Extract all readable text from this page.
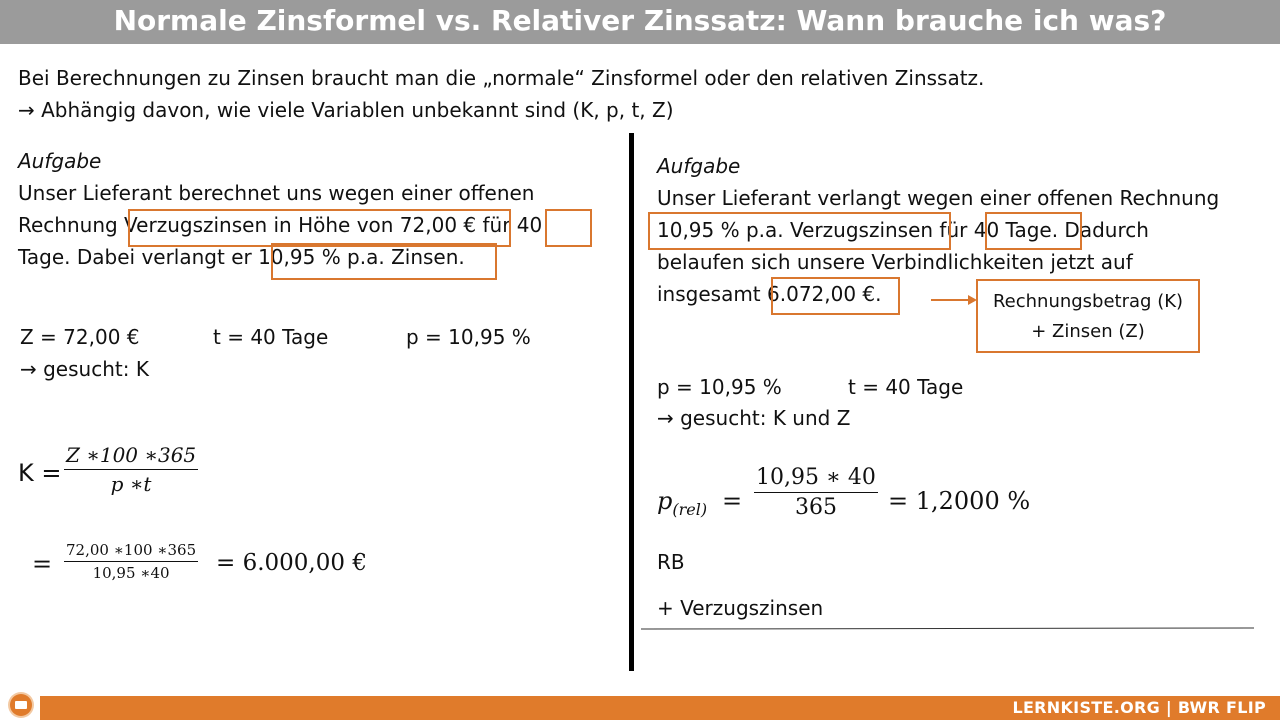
Normale Zinsformel vs. Relativer Zinssatz: Wann brauche ich was?
Bei Berechnungen zu Zinsen braucht man die „normale“ Zinsformel oder den relativen Zinssatz.
→ Abhängig davon, wie viele Variablen unbekannt sind (K, p, t, Z)
Aufgabe
Unser Lieferant berechnet uns wegen einer offenen
Rechnung Verzugszinsen in Höhe von 72,00 € für 40
Tage. Dabei verlangt er 10,95 % p.a. Zinsen.
Z = 72,00 €	t = 40 Tage	p = 10,95 %
→ gesucht: K
$K = \frac{Z ∗100 ∗365}{p ∗t}$
= $\frac{72,00 ∗100 ∗365}{10,95 ∗40} = 6.000,00$ €
Aufgabe
Unser Lieferant verlangt wegen einer offenen Rechnung
10,95 % p.a. Verzugszinsen für 40 Tage. Dadurch
belaufen sich unsere Verbindlichkeiten jetzt auf
insgesamt 6.072,00 €.	Rechnungsbetrag (K)
+ Zinsen (Z)
p = 10,95 %	t = 40 Tage
→ gesucht: K und Z
$p_{(rel)} = \frac{10,95 ∗ 40}{365} = 1,2000$ %
RB
+ Verzugszinsen
LERNKISTE.ORG | BWR FLIP
